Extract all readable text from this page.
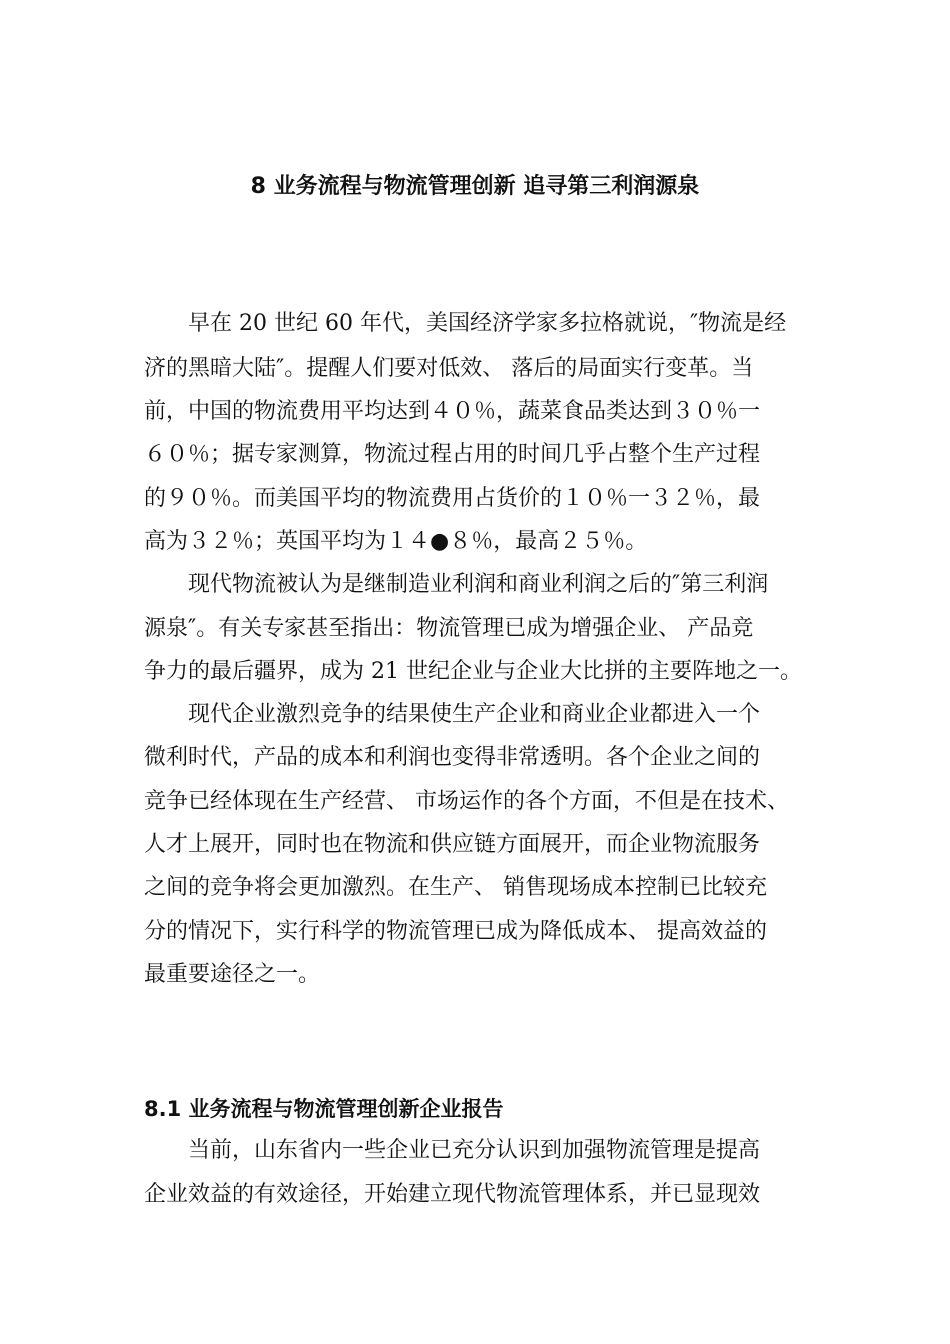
8 业务流程与物流管理创新 追寻第三利润源泉

早在 20 世纪 60 年代，美国经济学家多拉格就说，″物流是经

济的黑暗大陆″。提醒人们要对低效、 落后的局面实行变革。当

前，中国的物流费用平均达到４０％，蔬菜食品类达到３０％一

６０％；据专家测算，物流过程占用的时间几乎占整个生产过程

的９０％。而美国平均的物流费用占货价的１０％一３２％，最

高为３２％；英国平均为１４●８％，最高２５％。

现代物流被认为是继制造业利润和商业利润之后的″第三利润

源泉″。有关专家甚至指出：物流管理已成为增强企业、 产品竞

争力的最后疆界，成为 21 世纪企业与企业大比拼的主要阵地之一。

现代企业激烈竞争的结果使生产企业和商业企业都进入一个

微利时代，产品的成本和利润也变得非常透明。各个企业之间的

竞争已经体现在生产经营、 市场运作的各个方面，不但是在技术、

人才上展开，同时也在物流和供应链方面展开，而企业物流服务

之间的竞争将会更加激烈。在生产、 销售现场成本控制已比较充

分的情况下，实行科学的物流管理已成为降低成本、 提高效益的

最重要途径之一。

8.1 业务流程与物流管理创新企业报告

当前，山东省内一些企业已充分认识到加强物流管理是提高

企业效益的有效途径，开始建立现代物流管理体系，并已显现效
